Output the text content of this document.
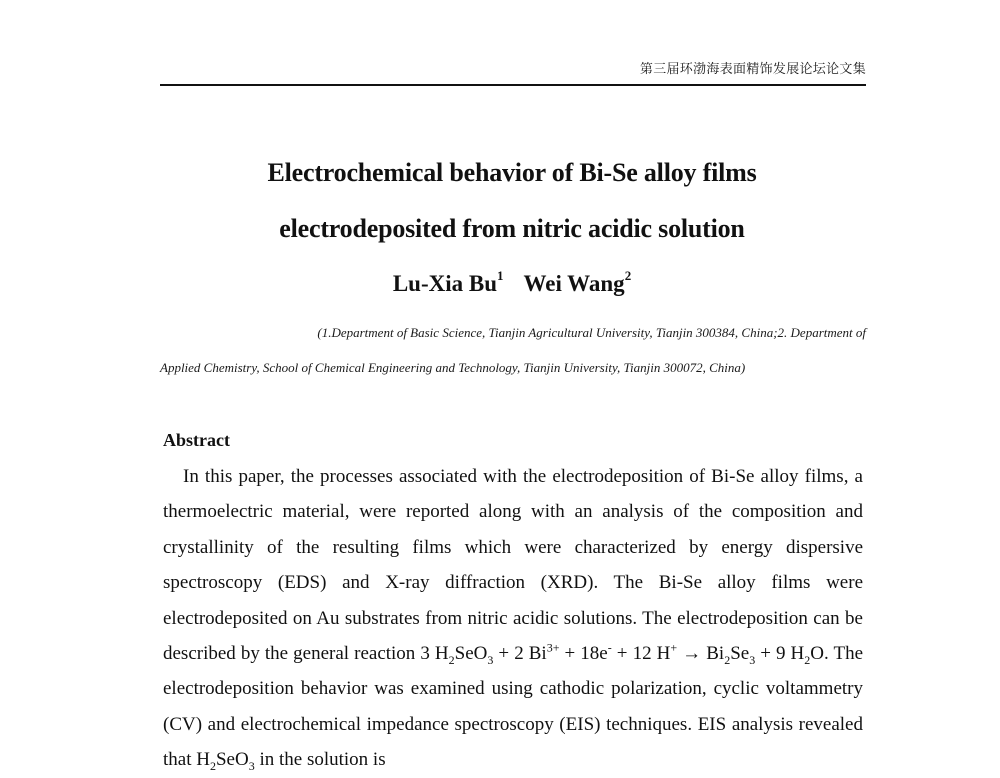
第三届环渤海表面精饰发展论坛论文集
Electrochemical behavior of Bi-Se alloy films
electrodeposited from nitric acidic solution
Lu-Xia Bu$^1$ Wei Wang$^2$
(1.Department of Basic Science, Tianjin Agricultural University, Tianjin 300384, China;2. Department of
Applied Chemistry, School of Chemical Engineering and Technology, Tianjin University, Tianjin 300072, China)
Abstract

In this paper, the processes associated with the electrodeposition of Bi-Se alloy films, a thermoelectric material, were reported along with an analysis of the composition and crystallinity of the resulting films which were characterized by energy dispersive spectroscopy (EDS) and X-ray diffraction (XRD). The Bi-Se alloy films were electrodeposited on Au substrates from nitric acidic solutions. The electrodeposition can be described by the general reaction 3 $H_2SeO_3 + 2$ $Bi^{3+} + 18e^- + 12$ $H^+ \to Bi_2Se_3 + 9$ $H_2O$. The electrodeposition behavior was examined using cathodic polarization, cyclic voltammetry (CV) and electrochemical impedance spectroscopy (EIS) techniques. EIS analysis revealed that $H_2SeO_3$ in the solution is
